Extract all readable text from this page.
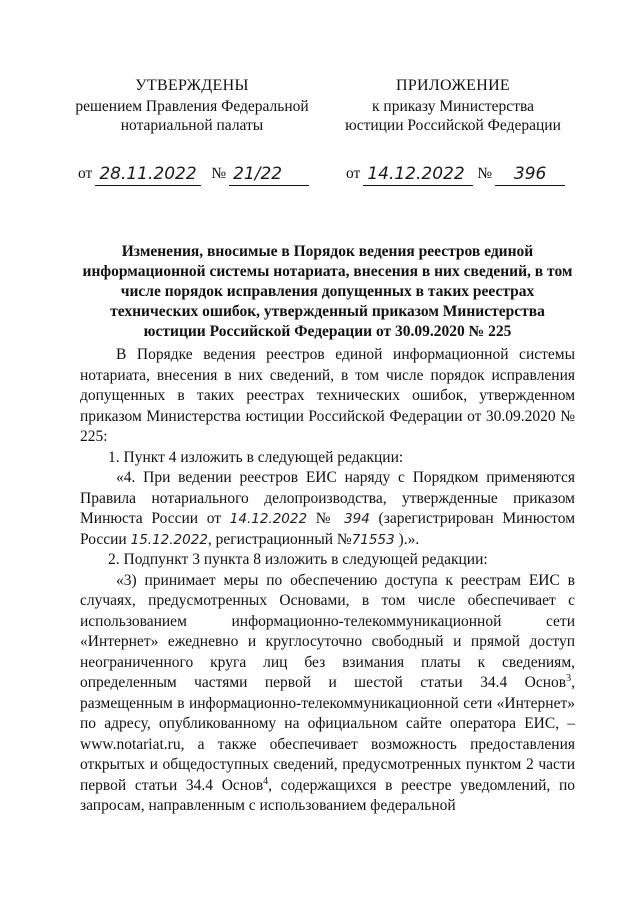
УТВЕРЖДЕНЫ
решением Правления Федеральной
нотариальной палаты
ПРИЛОЖЕНИЕ
к приказу Министерства
юстиции Российской Федерации
от 28.11.2022 № 21/22	от 14.12.2022 №	396
Изменения, вносимые в Порядок ведения реестров единой информационной системы нотариата, внесения в них сведений, в том числе порядок исправления допущенных в таких реестрах технических ошибок, утвержденный приказом Министерства юстиции Российской Федерации от 30.09.2020 № 225

В Порядке ведения реестров единой информационной системы нотариата, внесения в них сведений, в том числе порядок исправления допущенных в таких реестрах технических ошибок, утвержденном приказом Министерства юстиции Российской Федерации от 30.09.2020 № 225:

1. Пункт 4 изложить в следующей редакции:

«4. При ведении реестров ЕИС наряду с Порядком применяются Правила нотариального делопроизводства, утвержденные приказом Минюста России от 14.12.2022 № 394 (зарегистрирован Минюстом России 15.12.2022, регистрационный №71553 ).».

2. Подпункт 3 пункта 8 изложить в следующей редакции:

«3) принимает меры по обеспечению доступа к реестрам ЕИС в случаях, предусмотренных Основами, в том числе обеспечивает с использованием информационно-телекоммуникационной сети «Интернет» ежедневно и круглосуточно свободный и прямой доступ неограниченного круга лиц без взимания платы к сведениям, определенным частями первой и шестой статьи 34.4 Основ$^3$, размещенным в информационно-телекоммуникационной сети «Интернет» по адресу, опубликованному на официальном сайте оператора ЕИС, – www.notariat.ru, а также обеспечивает возможность предоставления открытых и общедоступных сведений, предусмотренных пунктом 2 части первой статьи 34.4 Основ$^4$, содержащихся в реестре уведомлений, по запросам, направленным с использованием федеральной
